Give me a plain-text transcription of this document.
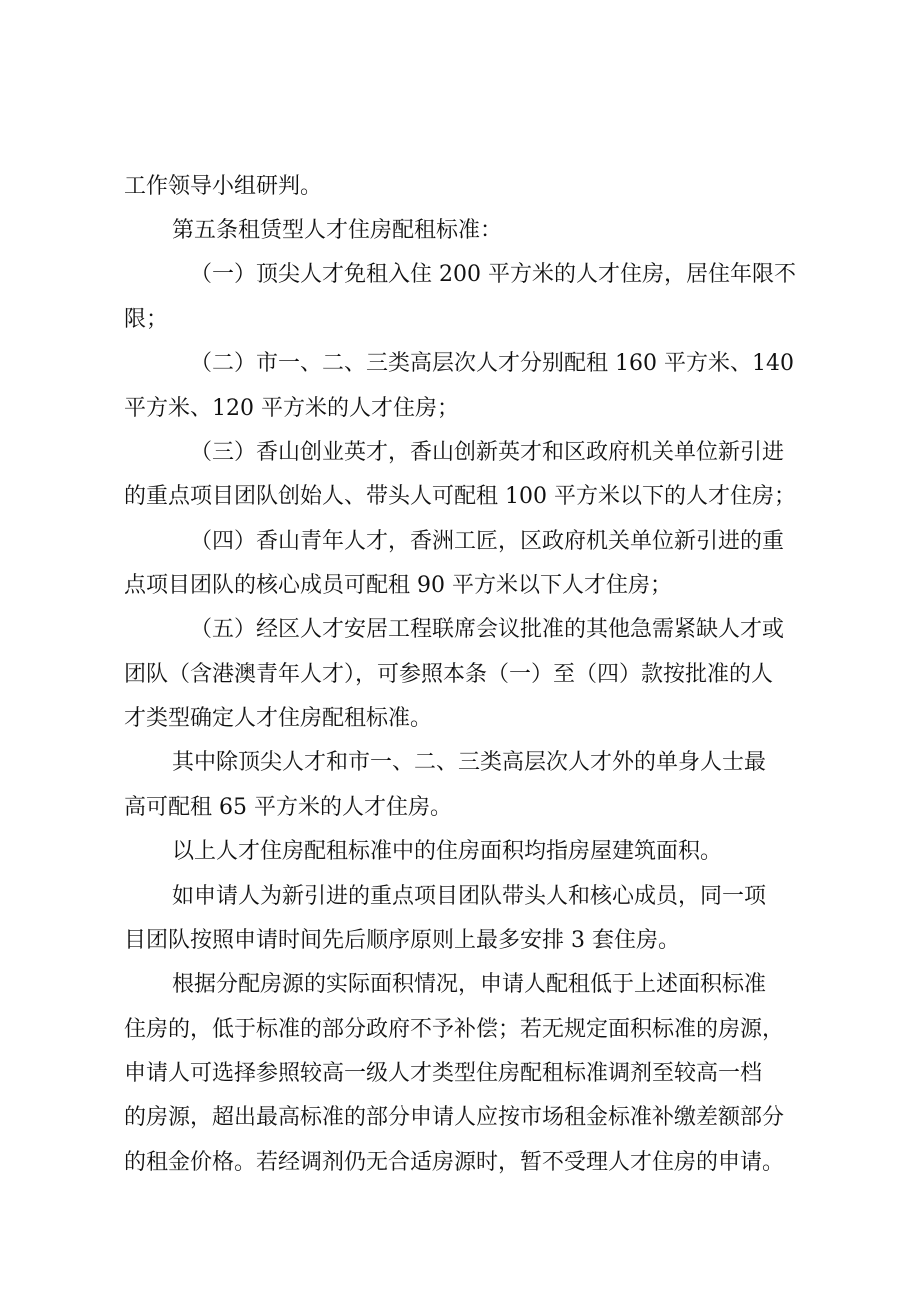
工作领导小组研判。

第五条租赁型人才住房配租标准：

（一）顶尖人才免租入住 200 平方米的人才住房，居住年限不

限；

（二）市一、二、三类高层次人才分别配租 160 平方米、140

平方米、120 平方米的人才住房；

（三）香山创业英才，香山创新英才和区政府机关单位新引进

的重点项目团队创始人、带头人可配租 100 平方米以下的人才住房；

（四）香山青年人才，香洲工匠，区政府机关单位新引进的重

点项目团队的核心成员可配租 90 平方米以下人才住房；

（五）经区人才安居工程联席会议批准的其他急需紧缺人才或

团队（含港澳青年人才），可参照本条（一）至（四）款按批准的人

才类型确定人才住房配租标准。

其中除顶尖人才和市一、二、三类高层次人才外的单身人士最

高可配租 65 平方米的人才住房。

以上人才住房配租标准中的住房面积均指房屋建筑面积。

如申请人为新引进的重点项目团队带头人和核心成员，同一项

目团队按照申请时间先后顺序原则上最多安排 3 套住房。

根据分配房源的实际面积情况，申请人配租低于上述面积标准

住房的，低于标准的部分政府不予补偿；若无规定面积标准的房源，

申请人可选择参照较高一级人才类型住房配租标准调剂至较高一档

的房源，超出最高标准的部分申请人应按市场租金标准补缴差额部分

的租金价格。若经调剂仍无合适房源时，暂不受理人才住房的申请。
